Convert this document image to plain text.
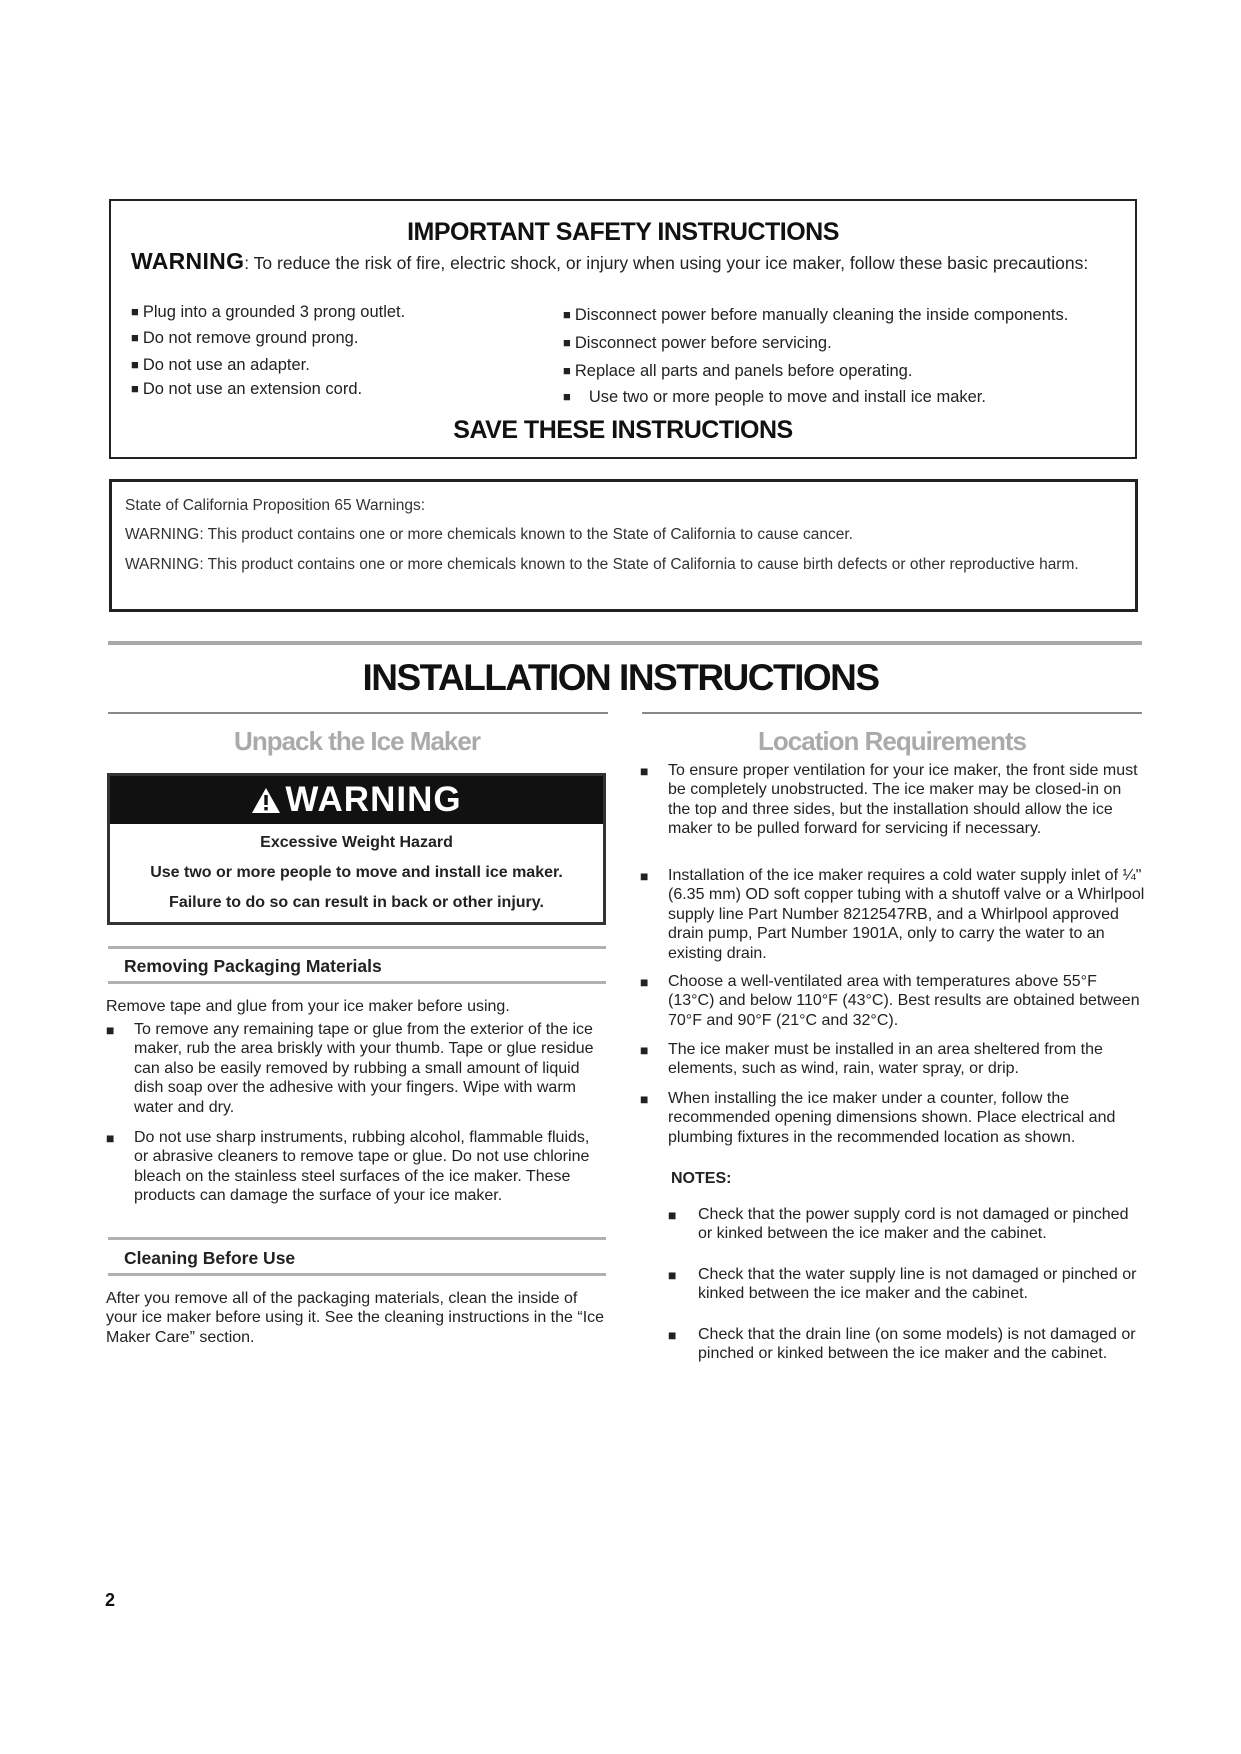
IMPORTANT SAFETY INSTRUCTIONS
WARNING: To reduce the risk of fire, electric shock, or injury when using your ice maker, follow these basic precautions:
■ Plug into a grounded 3 prong outlet.
■ Do not remove ground prong.
■ Do not use an adapter.
■ Do not use an extension cord.
■ Disconnect power before manually cleaning the inside components.
■ Disconnect power before servicing.
■ Replace all parts and panels before operating.
■ Use two or more people to move and install ice maker.
SAVE THESE INSTRUCTIONS
State of California Proposition 65 Warnings:
WARNING: This product contains one or more chemicals known to the State of California to cause cancer.
WARNING: This product contains one or more chemicals known to the State of California to cause birth defects or other reproductive harm.
INSTALLATION INSTRUCTIONS
Unpack the Ice Maker	Location Requirements
WARNING
Excessive Weight Hazard
Use two or more people to move and install ice maker.
Failure to do so can result in back or other injury.
Removing Packaging Materials
Remove tape and glue from your ice maker before using.
■ To remove any remaining tape or glue from the exterior of the ice maker, rub the area briskly with your thumb. Tape or glue residue can also be easily removed by rubbing a small amount of liquid dish soap over the adhesive with your fingers. Wipe with warm water and dry.
■ Do not use sharp instruments, rubbing alcohol, flammable fluids, or abrasive cleaners to remove tape or glue. Do not use chlorine bleach on the stainless steel surfaces of the ice maker. These products can damage the surface of your ice maker.
Cleaning Before Use
After you remove all of the packaging materials, clean the inside of your ice maker before using it. See the cleaning instructions in the “Ice Maker Care” section.
■ To ensure proper ventilation for your ice maker, the front side must be completely unobstructed. The ice maker may be closed-in on the top and three sides, but the installation should allow the ice maker to be pulled forward for servicing if necessary.
■ Installation of the ice maker requires a cold water supply inlet of ¼" (6.35 mm) OD soft copper tubing with a shutoff valve or a Whirlpool supply line Part Number 8212547RB, and a Whirlpool approved drain pump, Part Number 1901A, only to carry the water to an existing drain.
■ Choose a well-ventilated area with temperatures above 55°F (13°C) and below 110°F (43°C). Best results are obtained between 70°F and 90°F (21°C and 32°C).
■ The ice maker must be installed in an area sheltered from the elements, such as wind, rain, water spray, or drip.
■ When installing the ice maker under a counter, follow the recommended opening dimensions shown. Place electrical and plumbing fixtures in the recommended location as shown.
NOTES:
■ Check that the power supply cord is not damaged or pinched or kinked between the ice maker and the cabinet.
■ Check that the water supply line is not damaged or pinched or kinked between the ice maker and the cabinet.
■ Check that the drain line (on some models) is not damaged or pinched or kinked between the ice maker and the cabinet.
2
